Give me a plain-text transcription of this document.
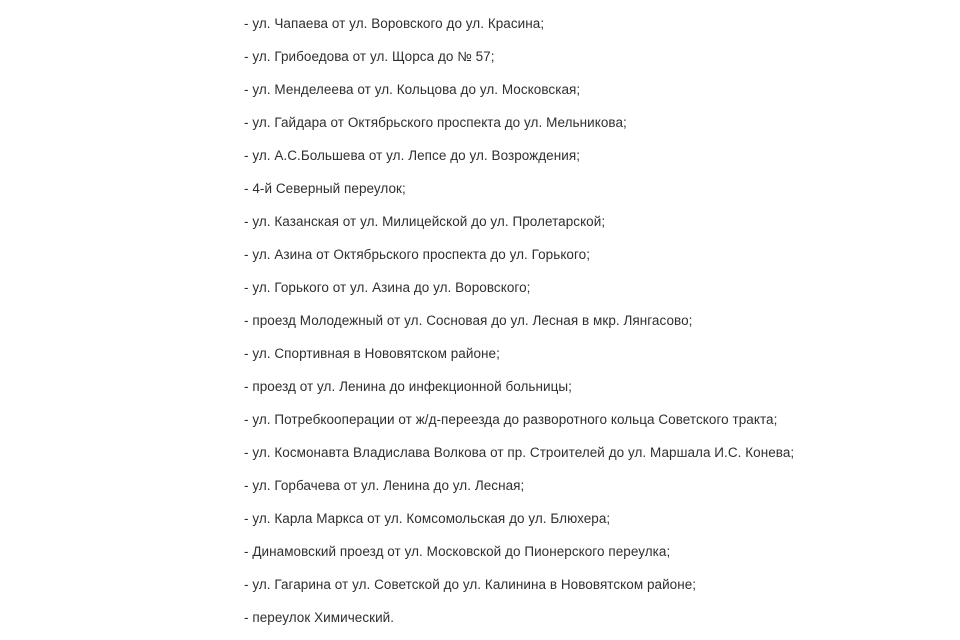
- ул. Чапаева от ул. Воровского до ул. Красина;
- ул. Грибоедова от ул. Щорса до № 57;
- ул. Менделеева от ул. Кольцова до ул. Московская;
- ул. Гайдара от Октябрьского проспекта до ул. Мельникова;
- ул. А.С.Большева от ул. Лепсе до ул. Возрождения;
- 4-й Северный переулок;
- ул. Казанская от ул. Милицейской до ул. Пролетарской;
- ул. Азина от Октябрьского проспекта до ул. Горького;
- ул. Горького от ул. Азина до ул. Воровского;
- проезд Молодежный от ул. Сосновая до ул. Лесная в мкр. Лянгасово;
- ул. Спортивная в Нововятском районе;
- проезд от ул. Ленина до инфекционной больницы;
- ул. Потребкооперации от ж/д-переезда до разворотного кольца Советского тракта;
- ул. Космонавта Владислава Волкова от пр. Строителей до ул. Маршала И.С. Конева;
- ул. Горбачева от ул. Ленина до ул. Лесная;
- ул. Карла Маркса от ул. Комсомольская до ул. Блюхера;
- Динамовский проезд от ул. Московской до Пионерского переулка;
- ул. Гагарина от ул. Советской до ул. Калинина в Нововятском районе;
- переулок Химический.
